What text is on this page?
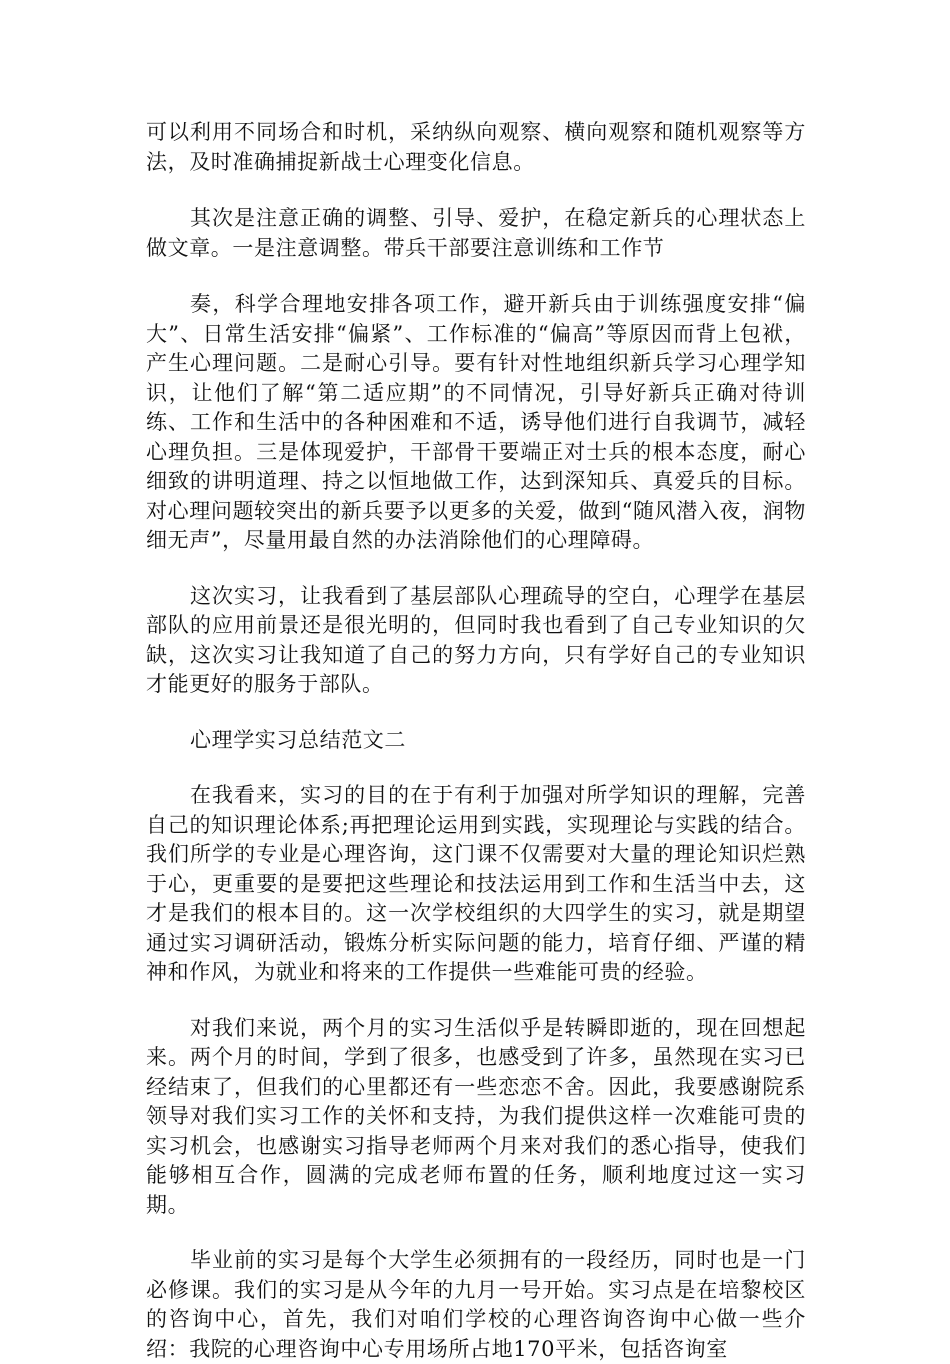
可以利用不同场合和时机，采纳纵向观察、横向观察和随机观察等方法，及时准确捕捉新战士心理变化信息。

其次是注意正确的调整、引导、爱护，在稳定新兵的心理状态上做文章。一是注意调整。带兵干部要注意训练和工作节

奏，科学合理地安排各项工作，避开新兵由于训练强度安排“偏大”、日常生活安排“偏紧”、工作标准的“偏高”等原因而背上包袱，产生心理问题。二是耐心引导。要有针对性地组织新兵学习心理学知识，让他们了解“第二适应期”的不同情况，引导好新兵正确对待训练、工作和生活中的各种困难和不适，诱导他们进行自我调节，减轻心理负担。三是体现爱护，干部骨干要端正对士兵的根本态度，耐心细致的讲明道理、持之以恒地做工作，达到深知兵、真爱兵的目标。对心理问题较突出的新兵要予以更多的关爱，做到“随风潜入夜，润物细无声”，尽量用最自然的办法消除他们的心理障碍。

这次实习，让我看到了基层部队心理疏导的空白，心理学在基层部队的应用前景还是很光明的，但同时我也看到了自己专业知识的欠缺，这次实习让我知道了自己的努力方向，只有学好自己的专业知识才能更好的服务于部队。

心理学实习总结范文二

在我看来，实习的目的在于有利于加强对所学知识的理解，完善自己的知识理论体系;再把理论运用到实践，实现理论与实践的结合。我们所学的专业是心理咨询，这门课不仅需要对大量的理论知识烂熟于心，更重要的是要把这些理论和技法运用到工作和生活当中去，这才是我们的根本目的。这一次学校组织的大四学生的实习，就是期望通过实习调研活动，锻炼分析实际问题的能力，培育仔细、严谨的精神和作风，为就业和将来的工作提供一些难能可贵的经验。

对我们来说，两个月的实习生活似乎是转瞬即逝的，现在回想起来。两个月的时间，学到了很多，也感受到了许多，虽然现在实习已经结束了，但我们的心里都还有一些恋恋不舍。因此，我要感谢院系领导对我们实习工作的关怀和支持，为我们提供这样一次难能可贵的实习机会，也感谢实习指导老师两个月来对我们的悉心指导，使我们能够相互合作，圆满的完成老师布置的任务，顺利地度过这一实习期。

毕业前的实习是每个大学生必须拥有的一段经历，同时也是一门必修课。我们的实习是从今年的九月一号开始。实习点是在培黎校区的咨询中心，首先，我们对咱们学校的心理咨询咨询中心做一些介绍：我院的心理咨询中心专用场所占地170平米，包括咨询室
